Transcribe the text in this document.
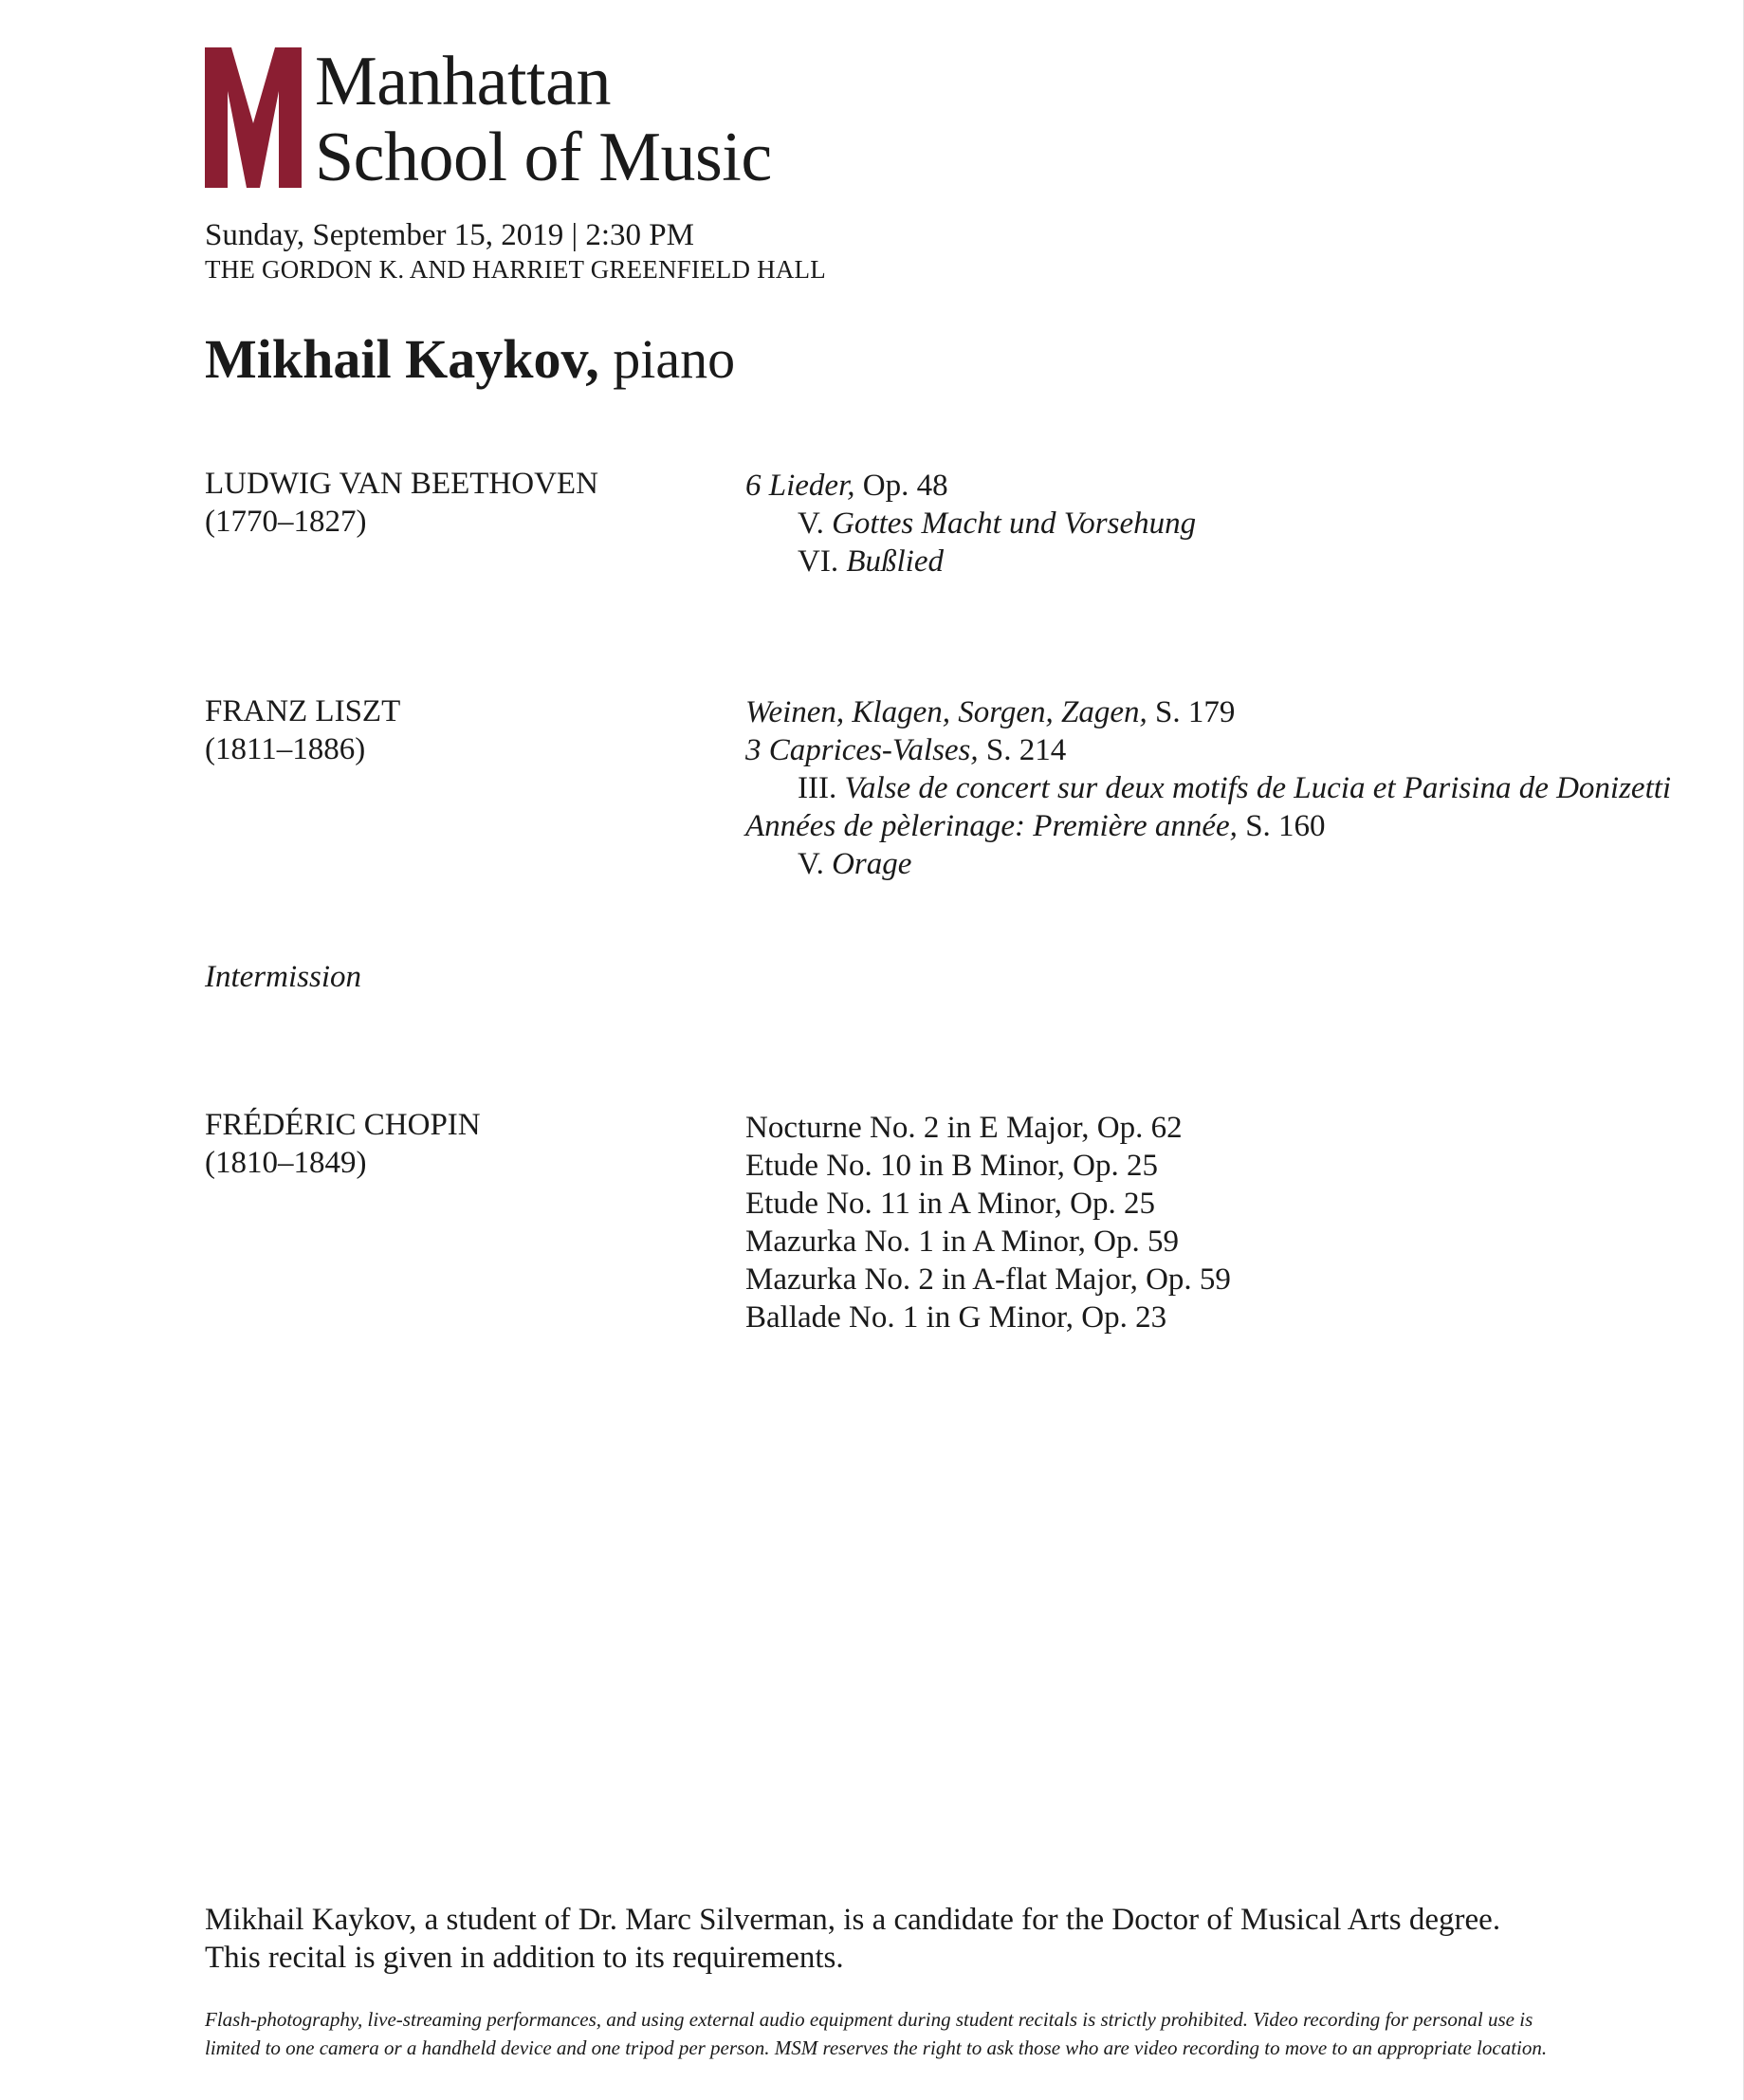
Manhattan
School of Music
Sunday, September 15, 2019 | 2:30 PM
THE GORDON K. AND HARRIET GREENFIELD HALL
Mikhail Kaykov, piano
LUDWIG VAN BEETHOVEN
(1770–1827)
6 Lieder, Op. 48
V. Gottes Macht und Vorsehung
VI. Bußlied
FRANZ LISZT
(1811–1886)
Weinen, Klagen, Sorgen, Zagen, S. 179
3 Caprices-Valses, S. 214
III. Valse de concert sur deux motifs de Lucia et Parisina de Donizetti
Années de pèlerinage: Première année, S. 160
V. Orage
Intermission
FRÉDÉRIC CHOPIN
(1810–1849)
Nocturne No. 2 in E Major, Op. 62
Etude No. 10 in B Minor, Op. 25
Etude No. 11 in A Minor, Op. 25
Mazurka No. 1 in A Minor, Op. 59
Mazurka No. 2 in A-flat Major, Op. 59
Ballade No. 1 in G Minor, Op. 23
Mikhail Kaykov, a student of Dr. Marc Silverman, is a candidate for the Doctor of Musical Arts degree.
This recital is given in addition to its requirements.
Flash-photography, live-streaming performances, and using external audio equipment during student recitals is strictly prohibited. Video recording for personal use is
limited to one camera or a handheld device and one tripod per person. MSM reserves the right to ask those who are video recording to move to an appropriate location.
